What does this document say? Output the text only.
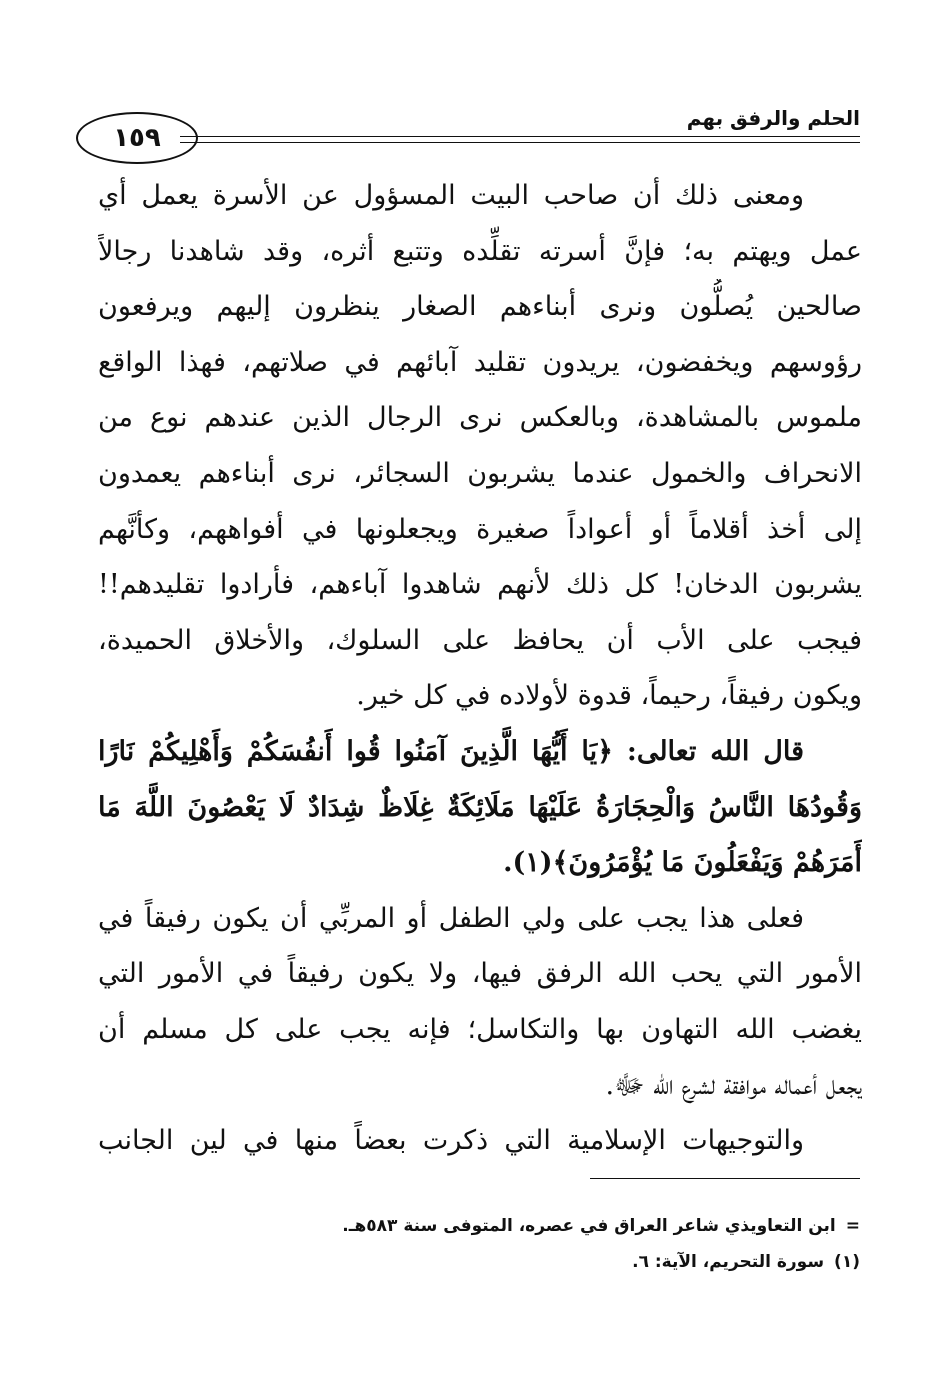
الحلم والرفق بهم
١٥٩
ومعنى ذلك أن صاحب البيت المسؤول عن الأسرة يعمل أي
عمل ويهتم به؛ فإنَّ أسرته تقلِّده وتتبع أثره، وقد شاهدنا رجالاً
صالحين يُصلُّون ونرى أبناءهم الصغار ينظرون إليهم ويرفعون
رؤوسهم ويخفضون، يريدون تقليد آبائهم في صلاتهم، فهذا الواقع
ملموس بالمشاهدة، وبالعكس نرى الرجال الذين عندهم نوع من
الانحراف والخمول عندما يشربون السجائر، نرى أبناءهم يعمدون
إلى أخذ أقلاماً أو أعواداً صغيرة ويجعلونها في أفواههم، وكأنَّهم
يشربون الدخان! كل ذلك لأنهم شاهدوا آباءهم، فأرادوا تقليدهم!!
فيجب على الأب أن يحافظ على السلوك، والأخلاق الحميدة،
ويكون رفيقاً، رحيماً، قدوة لأولاده في كل خير.
قال الله تعالى: ﴿يَا أَيُّهَا الَّذِينَ آمَنُوا قُوا أَنفُسَكُمْ وَأَهْلِيكُمْ نَارًا
وَقُودُهَا النَّاسُ وَالْحِجَارَةُ عَلَيْهَا مَلَائِكَةٌ غِلَاظٌ شِدَادٌ لَا يَعْصُونَ اللَّهَ مَا
أَمَرَهُمْ وَيَفْعَلُونَ مَا يُؤْمَرُونَ﴾(١).
فعلى هذا يجب على ولي الطفل أو المربِّي أن يكون رفيقاً في
الأمور التي يحب الله الرفق فيها، ولا يكون رفيقاً في الأمور التي
يغضب الله التهاون بها والتكاسل؛ فإنه يجب على كل مسلم أن
يجعل أعماله موافقة لشرع الله ﷻ.
والتوجيهات الإسلامية التي ذكرت بعضاً منها في لين الجانب
=ابن التعاويذي شاعر العراق في عصره، المتوفى سنة ٥٨٣هـ.
(١)سورة التحريم، الآية: ٦.
